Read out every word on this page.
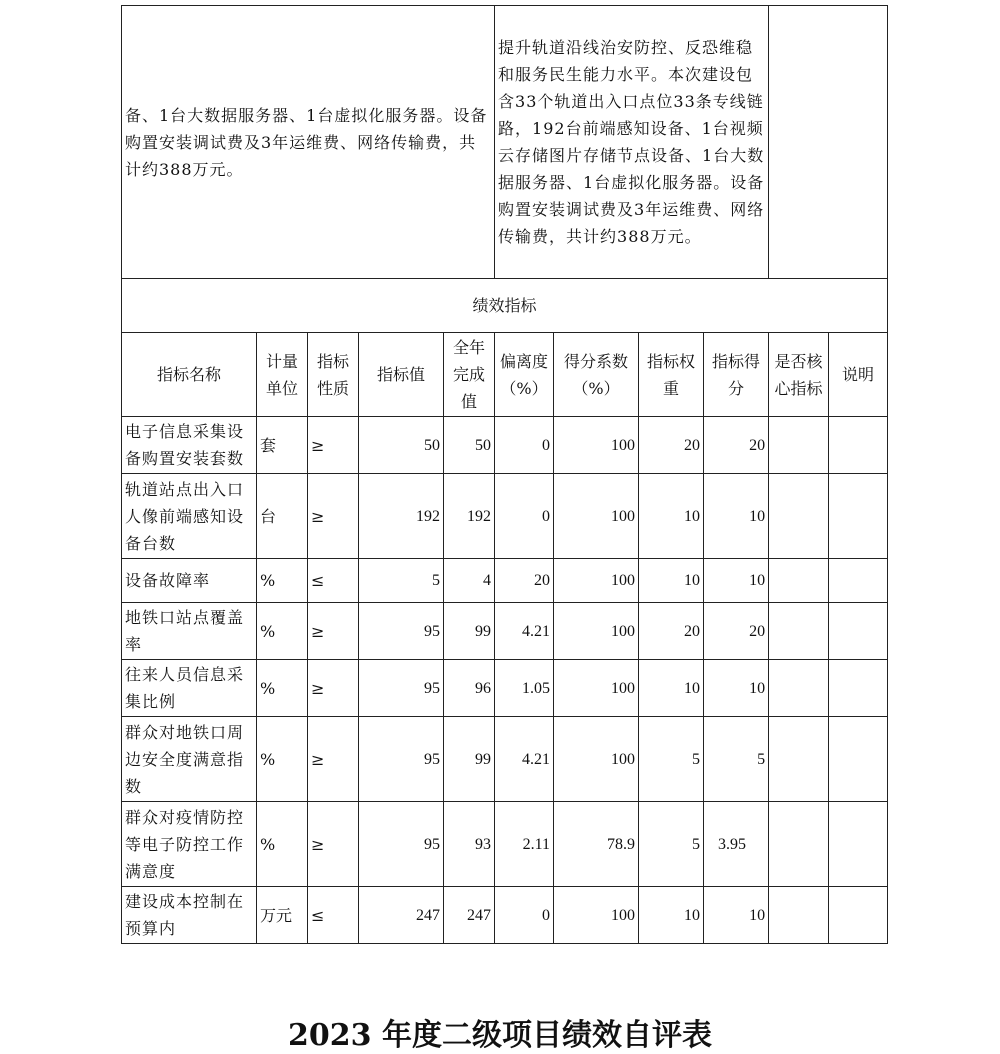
备、1台大数据服务器、1台虚拟化服务器。设备购置安装调试费及3年运维费、网络传输费，共计约388万元。					提升轨道沿线治安防控、反恐维稳和服务民生能力水平。本次建设包含33个轨道出入口点位33条专线链路，192台前端感知设备、1台视频云存储图片存储节点设备、1台大数据服务器、1台虚拟化服务器。设备购置安装调试费及3年运维费、网络传输费，共计约388万元。					
绩效指标										
指标名称	计量单位	指标性质	指标值	全年完成值	偏离度（%）	得分系数（%）	指标权重	指标得分	是否核心指标	说明
电子信息采集设备购置安装套数	套	≥	50	50	0	100	20	20		
轨道站点出入口人像前端感知设备台数	台	≥	192	192	0	100	10	10		
设备故障率	%	≤	5	4	20	100	10	10		
地铁口站点覆盖率	%	≥	95	99	4.21	100	20	20		
往来人员信息采集比例	%	≥	95	96	1.05	100	10	10		
群众对地铁口周边安全度满意指数	%	≥	95	99	4.21	100	5	5		
群众对疫情防控等电子防控工作满意度	%	≥	95	93	2.11	78.9	5	3.95		
建设成本控制在预算内	万元	≤	247	247	0	100	10	10		
2023 年度二级项目绩效自评表
